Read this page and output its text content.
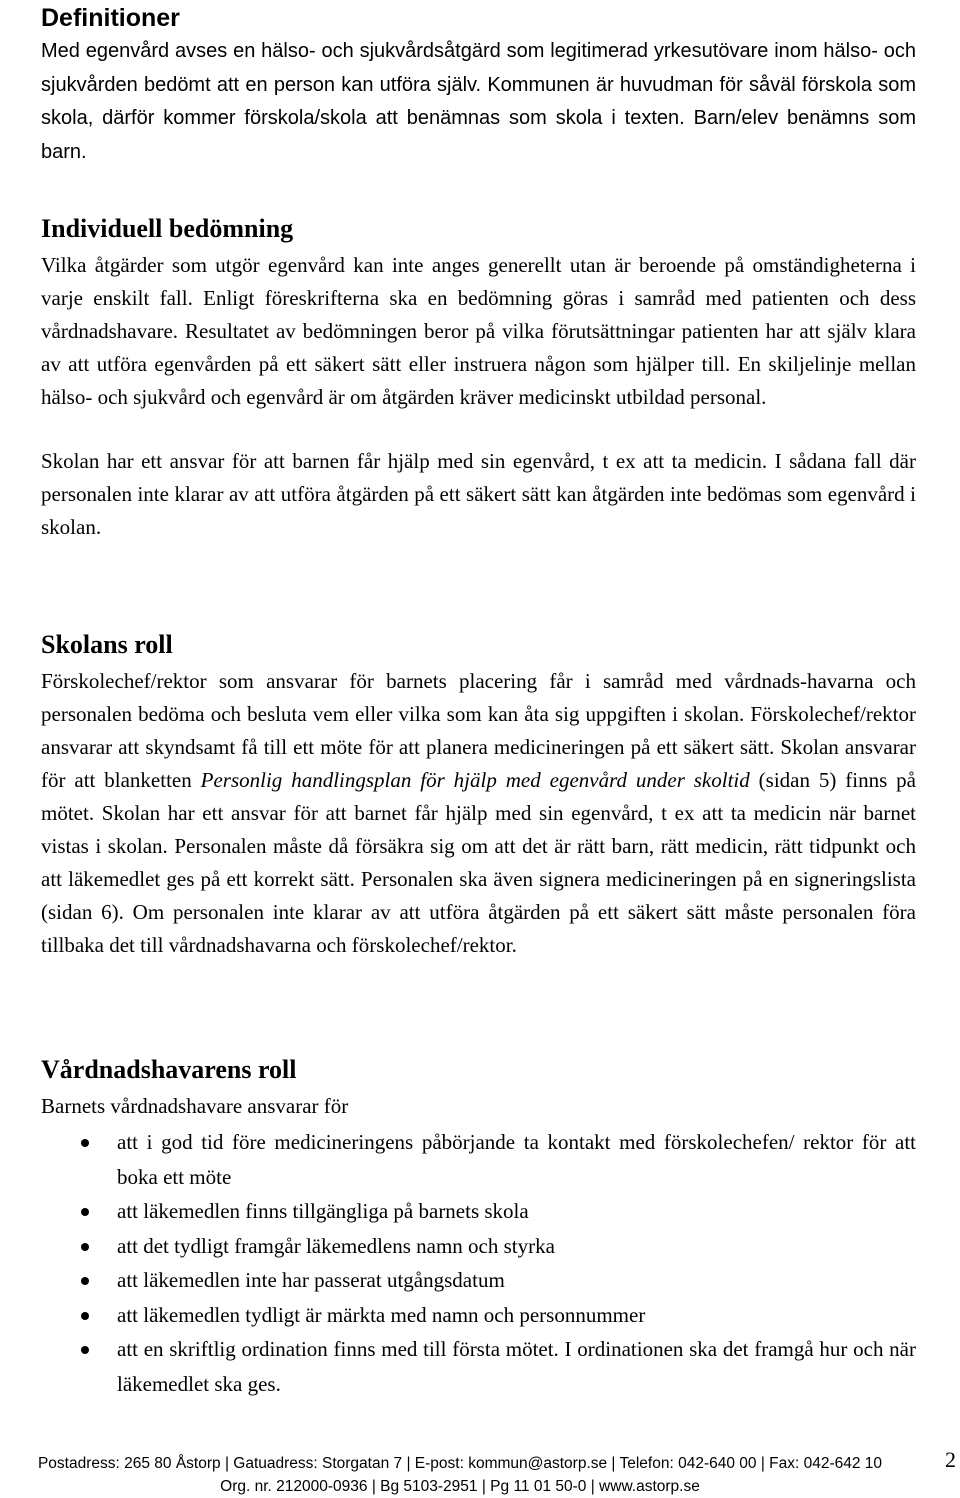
Definitioner

Med egenvård avses en hälso- och sjukvårdsåtgärd som legitimerad yrkesutövare inom hälso- och sjukvården bedömt att en person kan utföra själv. Kommunen är huvudman för såväl förskola som skola, därför kommer förskola/skola att benämnas som skola i texten. Barn/elev benämns som barn.

Individuell bedömning

Vilka åtgärder som utgör egenvård kan inte anges generellt utan är beroende på omständigheterna i varje enskilt fall. Enligt föreskrifterna ska en bedömning göras i samråd med patienten och dess vårdnadshavare. Resultatet av bedömningen beror på vilka förutsättningar patienten har att själv klara av att utföra egenvården på ett säkert sätt eller instruera någon som hjälper till. En skiljelinje mellan hälso- och sjukvård och egenvård är om åtgärden kräver medicinskt utbildad personal.

Skolan har ett ansvar för att barnen får hjälp med sin egenvård, t ex att ta medicin. I sådana fall där personalen inte klarar av att utföra åtgärden på ett säkert sätt kan åtgärden inte bedömas som egenvård i skolan.

Skolans roll

Förskolechef/rektor som ansvarar för barnets placering får i samråd med vårdnads-havarna och personalen bedöma och besluta vem eller vilka som kan åta sig uppgiften i skolan. Förskolechef/rektor ansvarar att skyndsamt få till ett möte för att planera medicineringen på ett säkert sätt. Skolan ansvarar för att blanketten Personlig handlingsplan för hjälp med egenvård under skoltid (sidan 5) finns på mötet. Skolan har ett ansvar för att barnet får hjälp med sin egenvård, t ex att ta medicin när barnet vistas i skolan. Personalen måste då försäkra sig om att det är rätt barn, rätt medicin, rätt tidpunkt och att läkemedlet ges på ett korrekt sätt. Personalen ska även signera medicineringen på en signeringslista (sidan 6). Om personalen inte klarar av att utföra åtgärden på ett säkert sätt måste personalen föra tillbaka det till vårdnadshavarna och förskolechef/rektor.

Vårdnadshavarens roll

Barnets vårdnadshavare ansvarar för

att i god tid före medicineringens påbörjande ta kontakt med förskolechefen/ rektor för att boka ett möte
att läkemedlen finns tillgängliga på barnets skola
att det tydligt framgår läkemedlens namn och styrka
att läkemedlen inte har passerat utgångsdatum
att läkemedlen tydligt är märkta med namn och personnummer
att en skriftlig ordination finns med till första mötet. I ordinationen ska det framgå hur och när läkemedlet ska ges.
Postadress: 265 80 Åstorp | Gatuadress: Storgatan 7 | E-post: kommun@astorp.se | Telefon: 042-640 00 | Fax: 042-642 10
Org. nr. 212000-0936 | Bg 5103-2951 | Pg 11 01 50-0 | www.astorp.se
2
